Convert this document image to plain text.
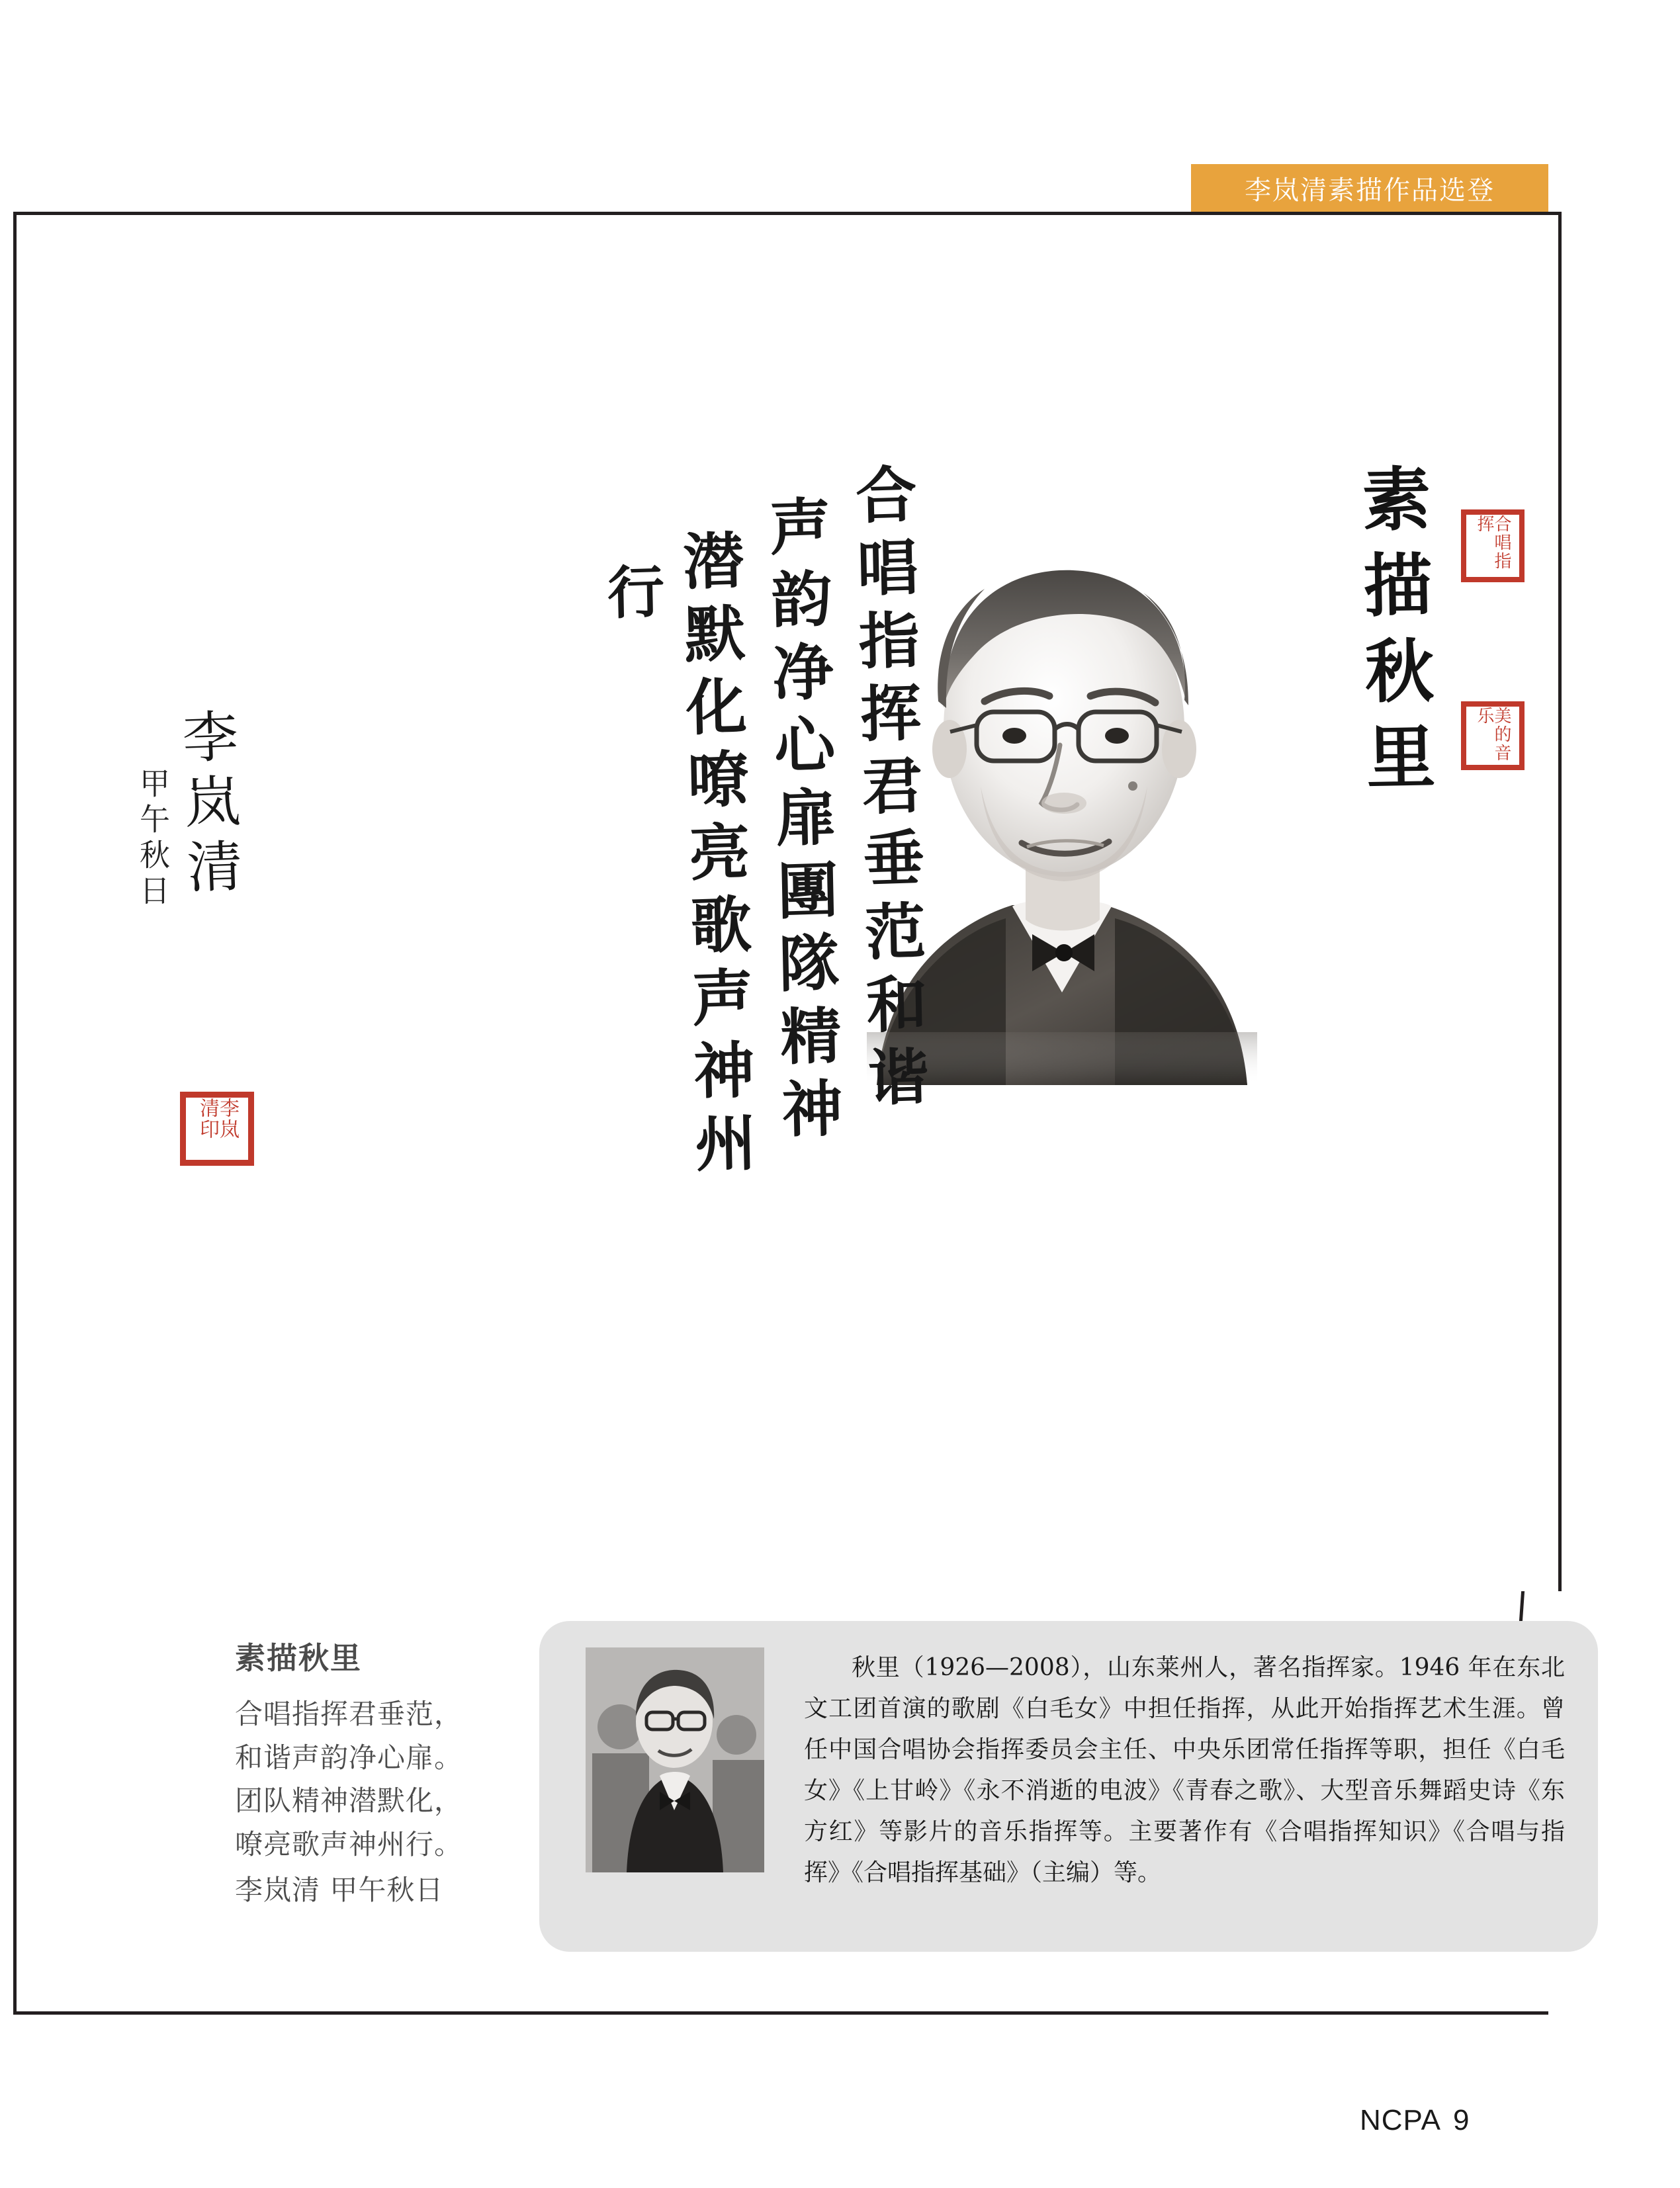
李岚清素描作品选登
素描秋里	合唱指挥
美的音乐
合唱指挥君垂范和谐
声韵净心扉團隊精神
潜默化嘹亮歌声神州
行
李岚清
甲午秋日
李岚清印
秋里（1926—2008），山东莱州人，著名指挥家。1946 年在东北文工团首演的歌剧《白毛女》中担任指挥，从此开始指挥艺术生涯。曾任中国合唱协会指挥委员会主任、中央乐团常任指挥等职，担任《白毛女》《上甘岭》《永不消逝的电波》《青春之歌》、大型音乐舞蹈史诗《东方红》等影片的音乐指挥等。主要著作有《合唱指挥知识》《合唱与指挥》《合唱指挥基础》（主编）等。
素描秋里
合唱指挥君垂范，
和谐声韵净心扉。
团队精神潜默化，
嘹亮歌声神州行。
李岚清 甲午秋日
NCPA 9
